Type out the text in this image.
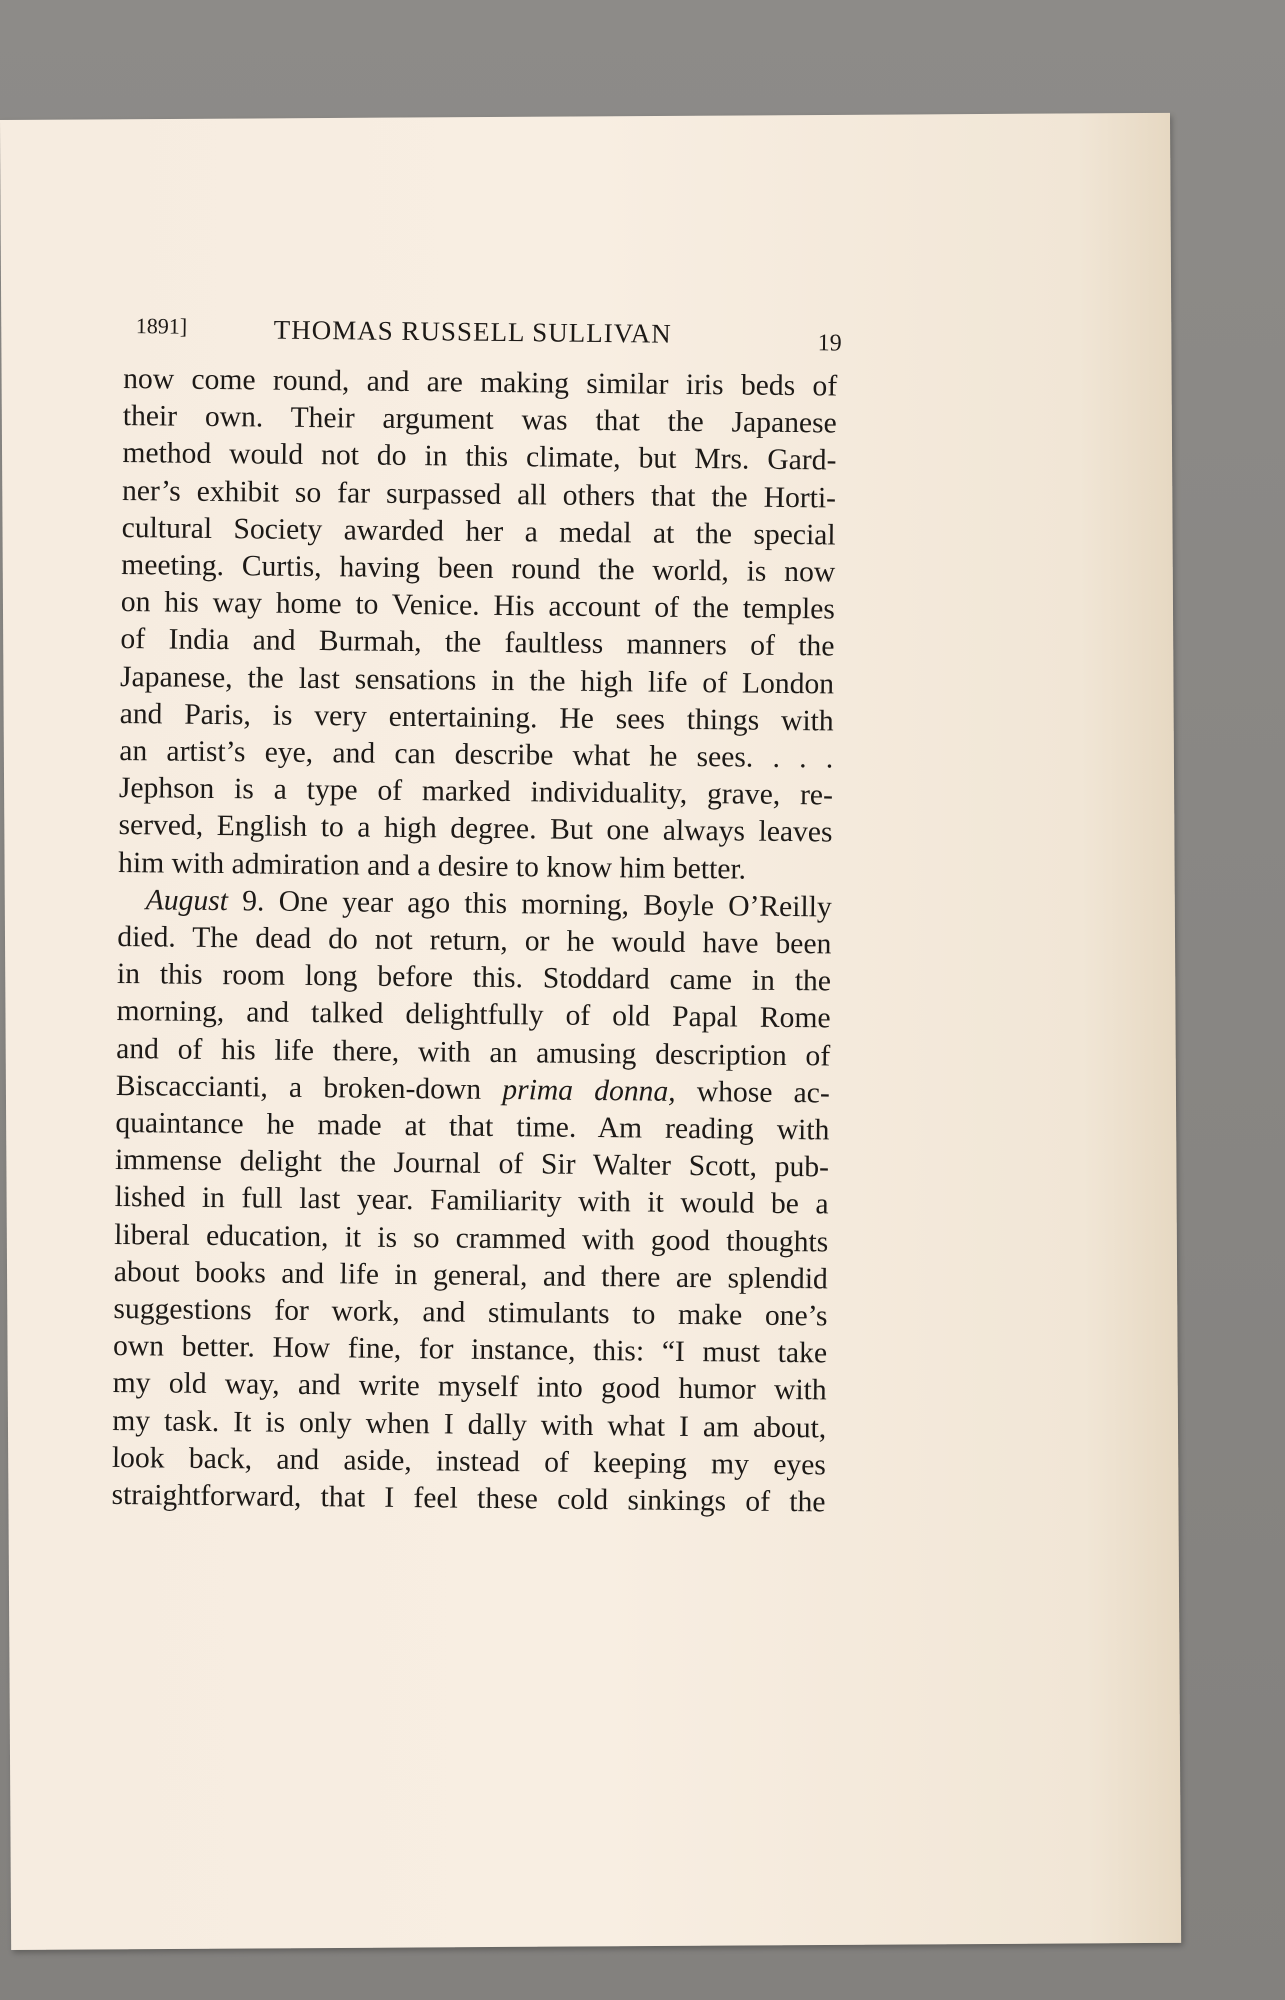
1891]	THOMAS RUSSELL SULLIVAN	19
now come round, and are making similar iris beds of
their own. Their argument was that the Japanese
method would not do in this climate, but Mrs. Gard-
ner’s exhibit so far surpassed all others that the Horti-
cultural Society awarded her a medal at the special
meeting. Curtis, having been round the world, is now
on his way home to Venice. His account of the temples
of India and Burmah, the faultless manners of the
Japanese, the last sensations in the high life of London
and Paris, is very entertaining. He sees things with
an artist’s eye, and can describe what he sees. . . .
Jephson is a type of marked individuality, grave, re-
served, English to a high degree. But one always leaves
him with admiration and a desire to know him better.
August 9. One year ago this morning, Boyle O’Reilly
died. The dead do not return, or he would have been
in this room long before this. Stoddard came in the
morning, and talked delightfully of old Papal Rome
and of his life there, with an amusing description of
Biscaccianti, a broken-down prima donna, whose ac-
quaintance he made at that time. Am reading with
immense delight the Journal of Sir Walter Scott, pub-
lished in full last year. Familiarity with it would be a
liberal education, it is so crammed with good thoughts
about books and life in general, and there are splendid
suggestions for work, and stimulants to make one’s
own better. How fine, for instance, this: “I must take
my old way, and write myself into good humor with
my task. It is only when I dally with what I am about,
look back, and aside, instead of keeping my eyes
straightforward, that I feel these cold sinkings of the
